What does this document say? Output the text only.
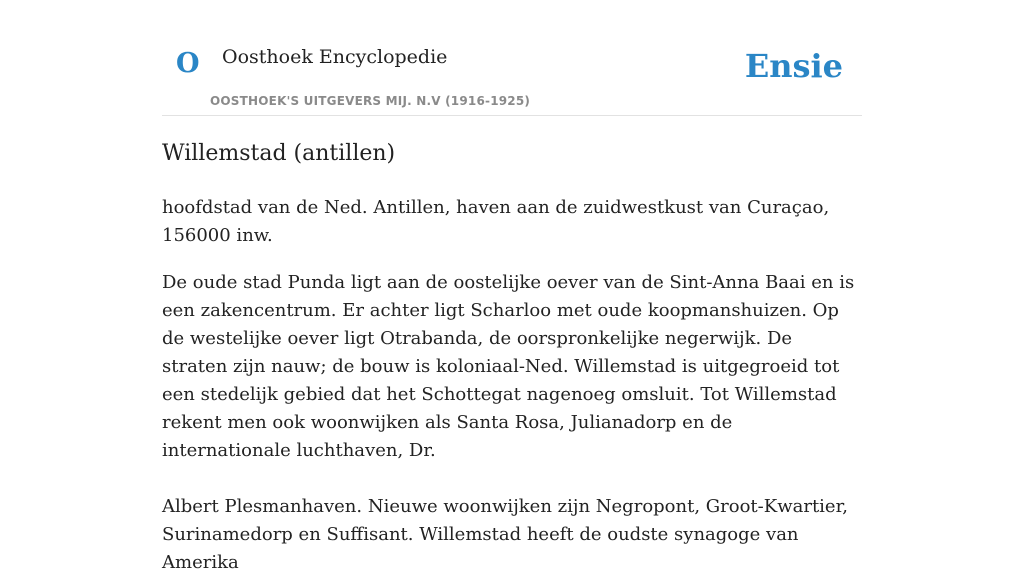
O Oosthoek Encyclopedie
OOSTHOEK'S UITGEVERS MIJ. N.V (1916-1925)
Ensie
Willemstad (antillen)

hoofdstad van de Ned. Antillen, haven aan de zuidwestkust van Curaçao, 156000 inw.

De oude stad Punda ligt aan de oostelijke oever van de Sint-Anna Baai en is een zakencentrum. Er achter ligt Scharloo met oude koopmanshuizen. Op de westelijke oever ligt Otrabanda, de oorspronkelijke negerwijk. De straten zijn nauw; de bouw is koloniaal-Ned. Willemstad is uitgegroeid tot een stedelijk gebied dat het Schottegat nagenoeg omsluit. Tot Willemstad rekent men ook woonwijken als Santa Rosa, Julianadorp en de internationale luchthaven, Dr.

Albert Plesmanhaven. Nieuwe woonwijken zijn Negropont, Groot-Kwartier, Surinamedorp en Suffisant. Willemstad heeft de oudste synagoge van Amerika
